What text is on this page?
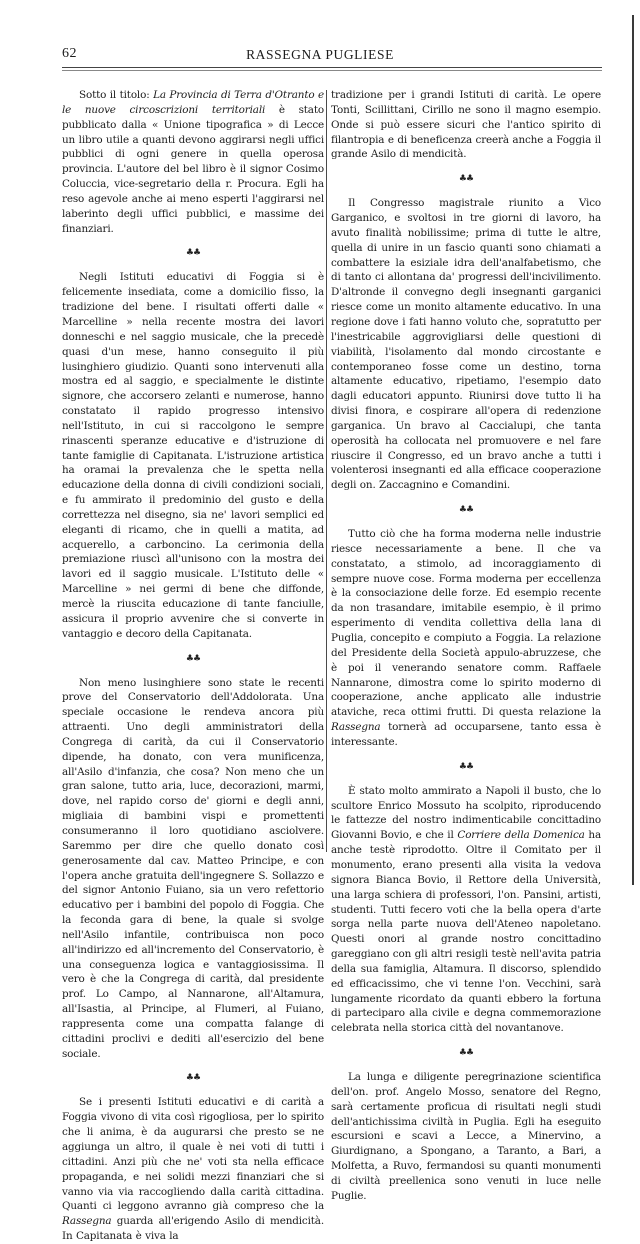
62	RASSEGNA PUGLIESE

Sotto il titolo: La Provincia di Terra d'Otranto e le nuove circoscrizioni territoriali è stato pubblicato dalla « Unione tipografica » di Lecce un libro utile a quanti devono aggirarsi negli uffici pubblici di ogni genere in quella operosa provincia. L'autore del bel libro è il signor Cosimo Coluccia, vice-segretario della r. Procura. Egli ha reso agevole anche ai meno esperti l'aggirarsi nel laberinto degli uffici pubblici, e massime dei finanziari.

♣♣

Negli Istituti educativi di Foggia si è felicemente insediata, come a domicilio fisso, la tradizione del bene. I risultati offerti dalle « Marcelline » nella recente mostra dei lavori donneschi e nel saggio musicale, che la precedè quasi d'un mese, hanno conseguito il più lusinghiero giudizio. Quanti sono intervenuti alla mostra ed al saggio, e specialmente le distinte signore, che accorsero zelanti e numerose, hanno constatato il rapido progresso intensivo nell'Istituto, in cui si raccolgono le sempre rinascenti speranze educative e d'istruzione di tante famiglie di Capitanata. L'istruzione artistica ha oramai la prevalenza che le spetta nella educazione della donna di civili condizioni sociali, e fu ammirato il predominio del gusto e della correttezza nel disegno, sia ne' lavori semplici ed eleganti di ricamo, che in quelli a matita, ad acquerello, a carboncino. La cerimonia della premiazione riuscì all'unisono con la mostra dei lavori ed il saggio musicale. L'Istituto delle « Marcelline » nei germi di bene che diffonde, mercè la riuscita educazione di tante fanciulle, assicura il proprio avvenire che si converte in vantaggio e decoro della Capitanata.

♣♣

Non meno lusinghiere sono state le recenti prove del Conservatorio dell'Addolorata. Una speciale occasione le rendeva ancora più attraenti. Uno degli amministratori della Congrega di carità, da cui il Conservatorio dipende, ha donato, con vera munificenza, all'Asilo d'infanzia, che cosa? Non meno che un gran salone, tutto aria, luce, decorazioni, marmi, dove, nel rapido corso de' giorni e degli anni, migliaia di bambini vispi e promettenti consumeranno il loro quotidiano asciolvere. Saremmo per dire che quello donato così generosamente dal cav. Matteo Principe, e con l'opera anche gratuita dell'ingegnere S. Sollazzo e del signor Antonio Fuiano, sia un vero refettorio educativo per i bambini del popolo di Foggia. Che la feconda gara di bene, la quale si svolge nell'Asilo infantile, contribuisca non poco all'indirizzo ed all'incremento del Conservatorio, è una conseguenza logica e vantaggiosissima. Il vero è che la Congrega di carità, dal presidente prof. Lo Campo, al Nannarone, all'Altamura, all'Isastia, al Principe, al Flumeri, al Fuiano, rappresenta come una compatta falange di cittadini proclivi e dediti all'esercizio del bene sociale.

♣♣

Se i presenti Istituti educativi e di carità a Foggia vivono di vita così rigogliosa, per lo spirito che li anima, è da augurarsi che presto se ne aggiunga un altro, il quale è nei voti di tutti i cittadini. Anzi più che ne' voti sta nella efficace propaganda, e nei solidi mezzi finanziari che si vanno via via raccogliendo dalla carità cittadina. Quanti ci leggono avranno già compreso che la Rassegna guarda all'erigendo Asilo di mendicità. In Capitanata è viva la

tradizione per i grandi Istituti di carità. Le opere Tonti, Scillittani, Cirillo ne sono il magno esempio. Onde si può essere sicuri che l'antico spirito di filantropia e di beneficenza creerà anche a Foggia il grande Asilo di mendicità.

♣♣

Il Congresso magistrale riunito a Vico Garganico, e svoltosi in tre giorni di lavoro, ha avuto finalità nobilissime; prima di tutte le altre, quella di unire in un fascio quanti sono chiamati a combattere la esiziale idra dell'analfabetismo, che di tanto ci allontana da' progressi dell'incivilimento. D'altronde il convegno degli insegnanti garganici riesce come un monito altamente educativo. In una regione dove i fati hanno voluto che, sopratutto per l'inestricabile aggrovigliarsi delle questioni di viabilità, l'isolamento dal mondo circostante e contemporaneo fosse come un destino, torna altamente educativo, ripetiamo, l'esempio dato dagli educatori appunto. Riunirsi dove tutto li ha divisi finora, e cospirare all'opera di redenzione garganica. Un bravo al Caccialupi, che tanta operosità ha collocata nel promuovere e nel fare riuscire il Congresso, ed un bravo anche a tutti i volenterosi insegnanti ed alla efficace cooperazione degli on. Zaccagnino e Comandini.

♣♣

Tutto ciò che ha forma moderna nelle industrie riesce necessariamente a bene. Il che va constatato, a stimolo, ad incoraggiamento di sempre nuove cose. Forma moderna per eccellenza è la consociazione delle forze. Ed esempio recente da non trasandare, imitabile esempio, è il primo esperimento di vendita collettiva della lana di Puglia, concepito e compiuto a Foggia. La relazione del Presidente della Società appulo-abruzzese, che è poi il venerando senatore comm. Raffaele Nannarone, dimostra come lo spirito moderno di cooperazione, anche applicato alle industrie ataviche, reca ottimi frutti. Di questa relazione la Rassegna tornerà ad occuparsene, tanto essa è interessante.

♣♣

È stato molto ammirato a Napoli il busto, che lo scultore Enrico Mossuto ha scolpito, riproducendo le fattezze del nostro indimenticabile concittadino Giovanni Bovio, e che il Corriere della Domenica ha anche testè riprodotto. Oltre il Comitato per il monumento, erano presenti alla visita la vedova signora Bianca Bovio, il Rettore della Università, una larga schiera di professori, l'on. Pansini, artisti, studenti. Tutti fecero voti che la bella opera d'arte sorga nella parte nuova dell'Ateneo napoletano. Questi onori al grande nostro concittadino gareggiano con gli altri resigli testè nell'avita patria della sua famiglia, Altamura. Il discorso, splendido ed efficacissimo, che vi tenne l'on. Vecchini, sarà lungamente ricordato da quanti ebbero la fortuna di parteciparo alla civile e degna commemorazione celebrata nella storica città del novantanove.

♣♣

La lunga e diligente peregrinazione scientifica dell'on. prof. Angelo Mosso, senatore del Regno, sarà certamente proficua di risultati negli studi dell'antichissima civiltà in Puglia. Egli ha eseguito escursioni e scavi a Lecce, a Minervino, a Giurdignano, a Spongano, a Taranto, a Bari, a Molfetta, a Ruvo, fermandosi su quanti monumenti di civiltà preellenica sono venuti in luce nelle Puglie.
